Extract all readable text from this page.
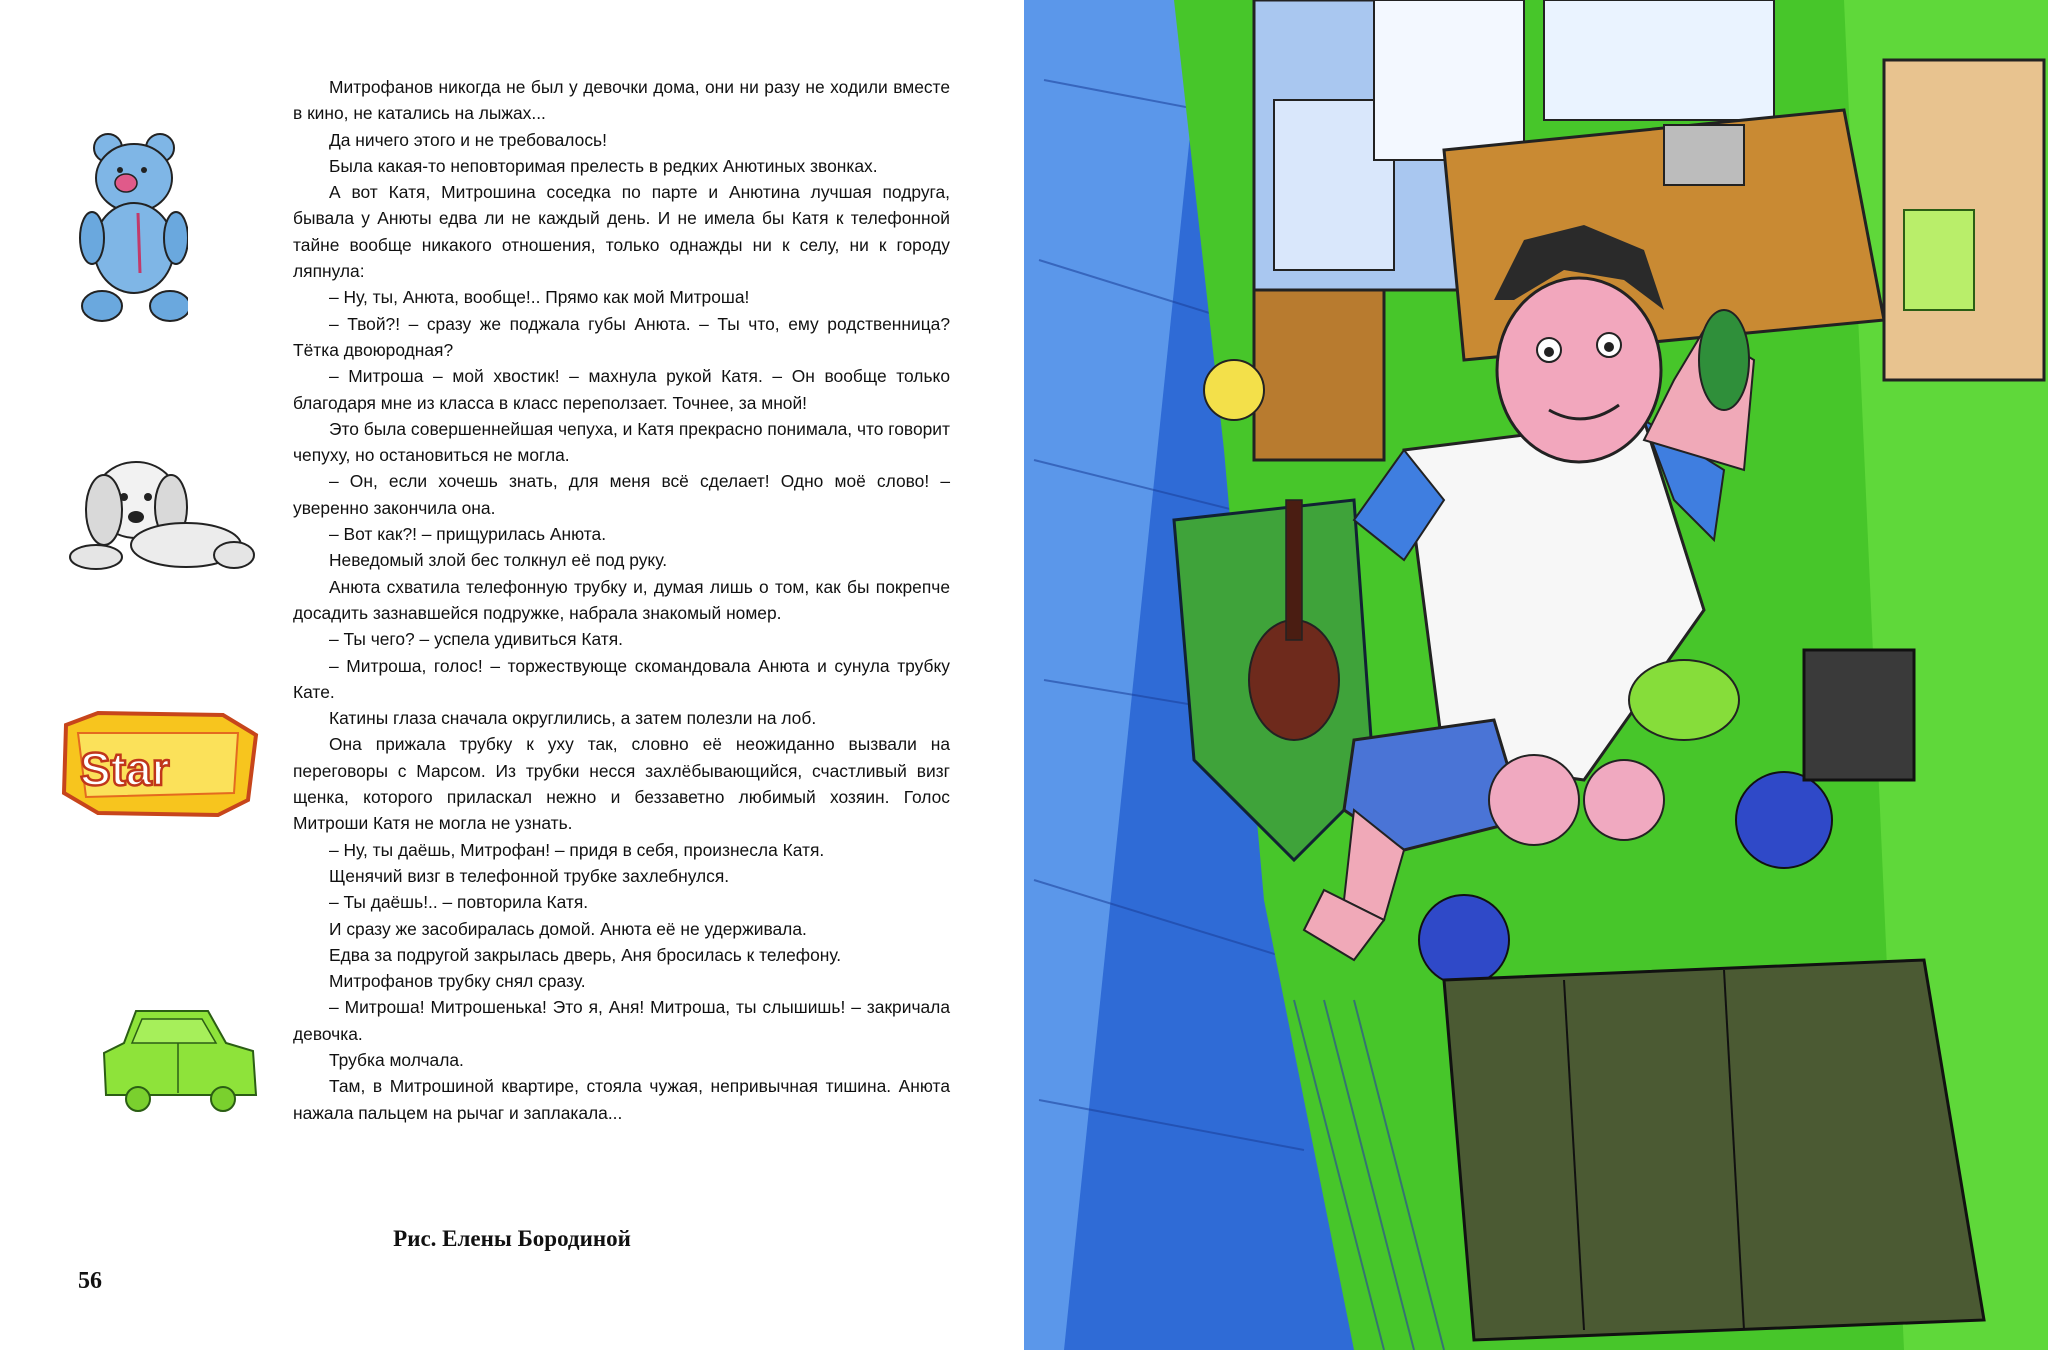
Star

Митрофанов никогда не был у девочки дома, они ни разу не ходили вместе в кино, не катались на лыжах...

Да ничего этого и не требовалось!

Была какая-то неповторимая прелесть в редких Анютиных звонках.

А вот Катя, Митрошина соседка по парте и Анютина лучшая подруга, бывала у Анюты едва ли не каждый день. И не имела бы Катя к телефонной тайне вообще никакого отношения, только однажды ни к селу, ни к городу ляпнула:

– Ну, ты, Анюта, вообще!.. Прямо как мой Митроша!

– Твой?! – сразу же поджала губы Анюта. – Ты что, ему родственница? Тётка двоюродная?

– Митроша – мой хвостик! – махнула рукой Катя. – Он вообще только благодаря мне из класса в класс переползает. Точнее, за мной!

Это была совершеннейшая чепуха, и Катя прекрасно понимала, что говорит чепуху, но остановиться не могла.

– Он, если хочешь знать, для меня всё сделает! Одно моё слово! – уверенно закончила она.

– Вот как?! – прищурилась Анюта.

Неведомый злой бес толкнул её под руку.

Анюта схватила телефонную трубку и, думая лишь о том, как бы покрепче досадить зазнавшейся подружке, набрала знакомый номер.

– Ты чего? – успела удивиться Катя.

– Митроша, голос! – торжествующе скомандовала Анюта и сунула трубку Кате.

Катины глаза сначала округлились, а затем полезли на лоб.

Она прижала трубку к уху так, словно её неожиданно вызвали на переговоры с Марсом. Из трубки несся захлёбывающийся, счастливый визг щенка, которого приласкал нежно и беззаветно любимый хозяин. Голос Митроши Катя не могла не узнать.

– Ну, ты даёшь, Митрофан! – придя в себя, произнесла Катя.

Щенячий визг в телефонной трубке захлебнулся.

– Ты даёшь!.. – повторила Катя.

И сразу же засобиралась домой. Анюта её не удерживала.

Едва за подругой закрылась дверь, Аня бросилась к телефону.

Митрофанов трубку снял сразу.

– Митроша! Митрошенька! Это я, Аня! Митроша, ты слышишь! – закричала девочка.

Трубка молчала.

Там, в Митрошиной квартире, стояла чужая, непривычная тишина. Анюта нажала пальцем на рычаг и заплакала...

Рис. Елены Бородиной
56
